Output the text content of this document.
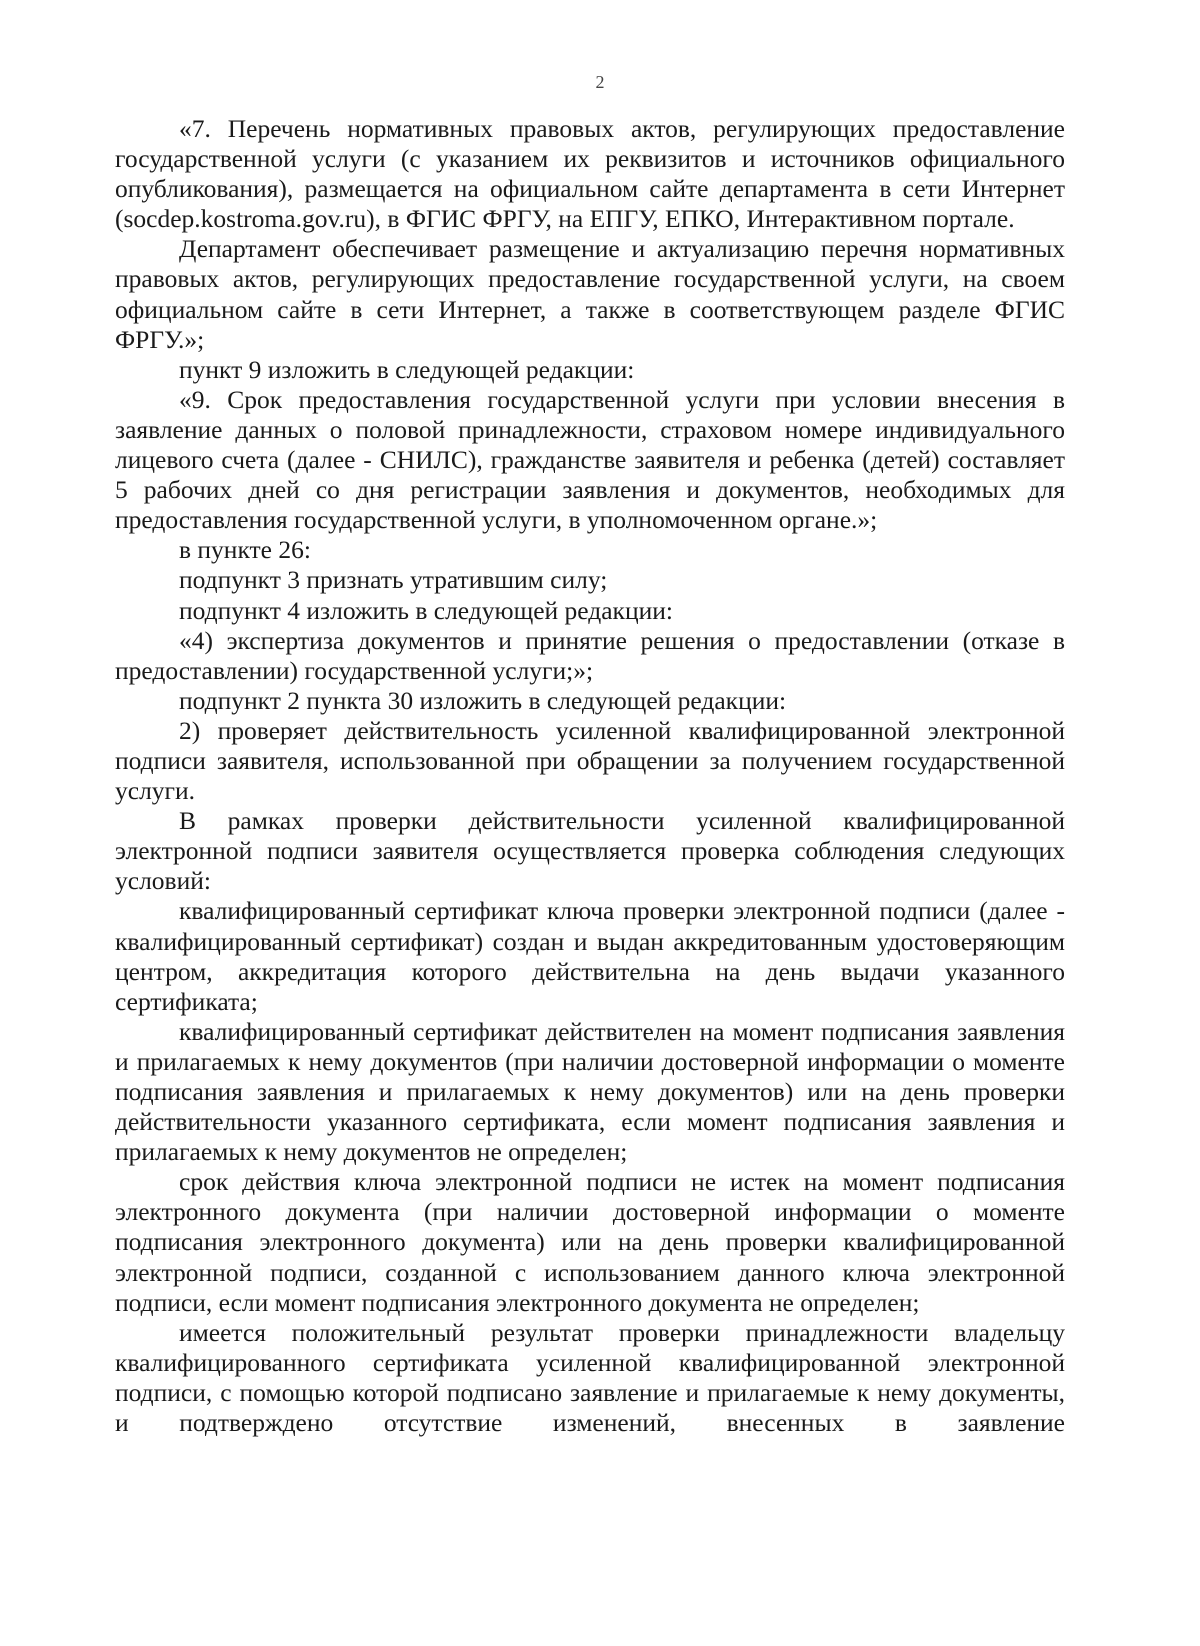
2

«7. Перечень нормативных правовых актов, регулирующих предоставление государственной услуги (с указанием их реквизитов и источников официального опубликования), размещается на официальном сайте департамента в сети Интернет (socdep.kostroma.gov.ru), в ФГИС ФРГУ, на ЕПГУ, ЕПКО, Интерактивном портале.

Департамент обеспечивает размещение и актуализацию перечня нормативных правовых актов, регулирующих предоставление государственной услуги, на своем официальном сайте в сети Интернет, а также в соответствующем разделе ФГИС ФРГУ.»;

пункт 9 изложить в следующей редакции:

«9. Срок предоставления государственной услуги при условии внесения в заявление данных о половой принадлежности, страховом номере индивидуального лицевого счета (далее - СНИЛС), гражданстве заявителя и ребенка (детей) составляет 5 рабочих дней со дня регистрации заявления и документов, необходимых для предоставления государственной услуги, в уполномоченном органе.»;

в пункте 26:

подпункт 3 признать утратившим силу;

подпункт 4 изложить в следующей редакции:

«4) экспертиза документов и принятие решения о предоставлении (отказе в предоставлении) государственной услуги;»;

подпункт 2 пункта 30 изложить в следующей редакции:

2) проверяет действительность усиленной квалифицированной электронной подписи заявителя, использованной при обращении за получением государственной услуги.

В рамках проверки действительности усиленной квалифицированной электронной подписи заявителя осуществляется проверка соблюдения следующих условий:

квалифицированный сертификат ключа проверки электронной подписи (далее - квалифицированный сертификат) создан и выдан аккредитованным удостоверяющим центром, аккредитация которого действительна на день выдачи указанного сертификата;

квалифицированный сертификат действителен на момент подписания заявления и прилагаемых к нему документов (при наличии достоверной информации о моменте подписания заявления и прилагаемых к нему документов) или на день проверки действительности указанного сертификата, если момент подписания заявления и прилагаемых к нему документов не определен;

срок действия ключа электронной подписи не истек на момент подписания электронного документа (при наличии достоверной информации о моменте подписания электронного документа) или на день проверки квалифицированной электронной подписи, созданной с использованием данного ключа электронной подписи, если момент подписания электронного документа не определен;

имеется положительный результат проверки принадлежности владельцу квалифицированного сертификата усиленной квалифицированной электронной подписи, с помощью которой подписано заявление и прилагаемые к нему документы, и подтверждено отсутствие изменений, внесенных в заявление
